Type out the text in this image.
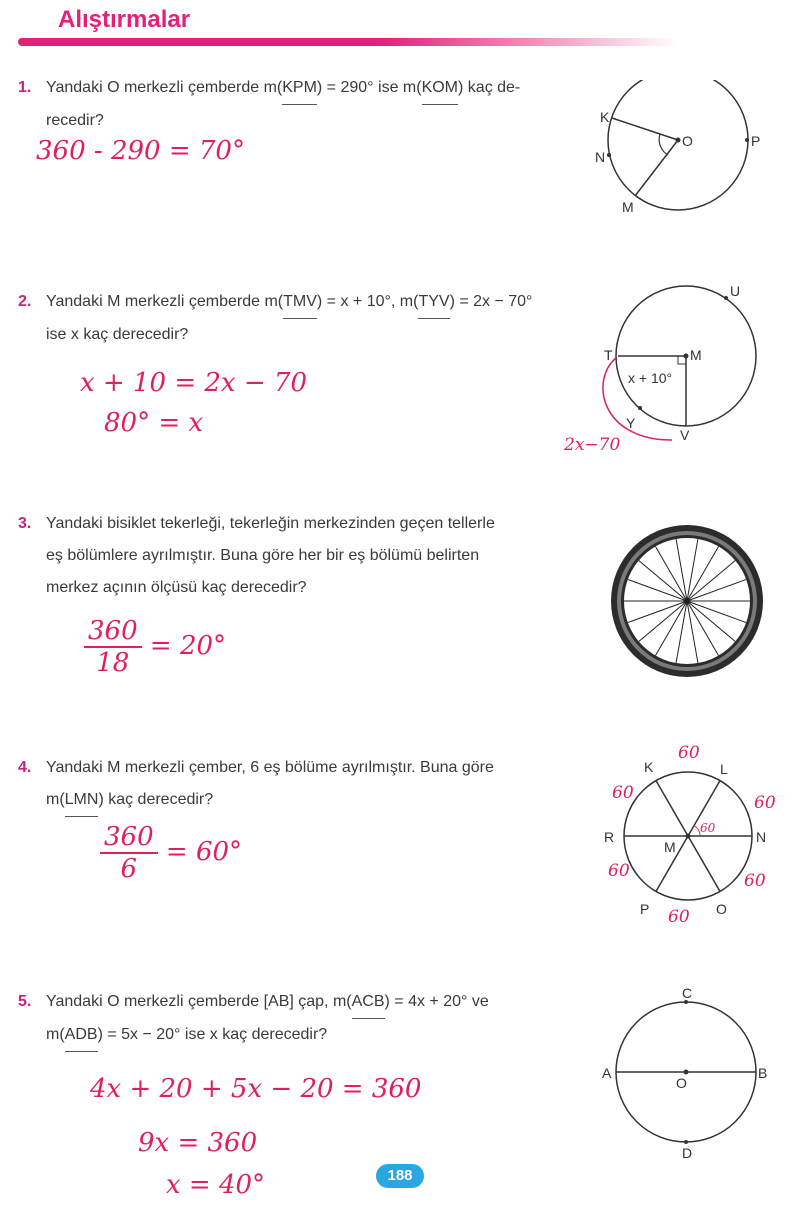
Alıştırmalar
1. Yandaki O merkezli çemberde m(KPM) = 290° ise m(KOM) kaç de-
recedir?
360 - 290 = 70°
K
O	P
N
M
2. Yandaki M merkezli çemberde m(TMV) = x + 10°, m(TYV) = 2x − 70°
ise x kaç derecedir?
x + 10 = 2x − 70
80° = x
U
T	M
Y
V
x + 10°
2x−70
3. Yandaki bisiklet tekerleği, tekerleğin merkezinden geçen tellerle
eş bölümlere ayrılmıştır. Buna göre her bir eş bölümü belirten
merkez açının ölçüsü kaç derecedir?
$\frac{360}{18} = 20^\circ$
4. Yandaki M merkezli çember, 6 eş bölüme ayrılmıştır. Buna göre
m(LMN) kaç derecedir?
$\frac{360}{6} = 60^\circ$
K	L
R
M
N
P	O
60
60	60
60	60
60
60
5. Yandaki O merkezli çemberde [AB] çap, m(ACB) = 4x + 20° ve
m(ADB) = 5x − 20° ise x kaç derecedir?
4x + 20 + 5x − 20 = 360
9x = 360
x = 40°
C
A
O
B
D
188
